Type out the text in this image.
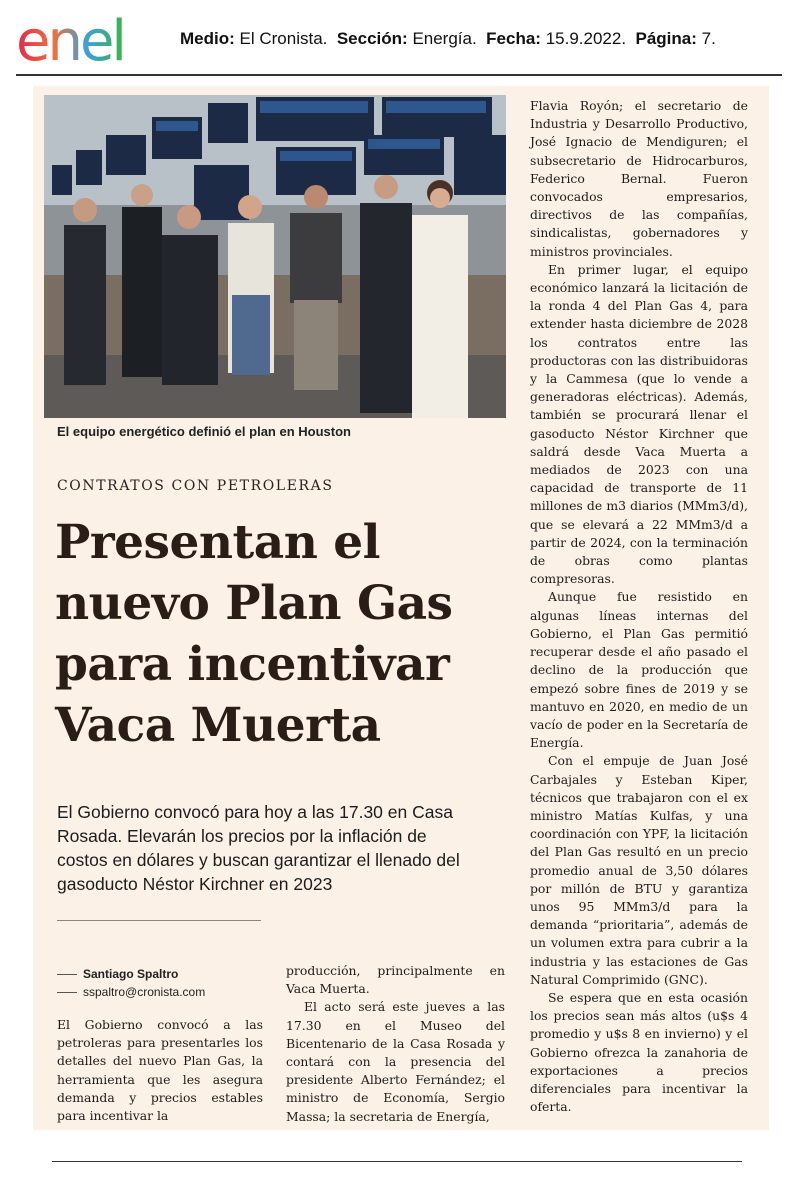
enel	Medio: El Cronista. Sección: Energía. Fecha: 15.9.2022. Página: 7.
El equipo energético definió el plan en Houston
CONTRATOS CON PETROLERAS
Presentan el
nuevo Plan Gas
para incentivar
Vaca Muerta
El Gobierno convocó para hoy a las 17.30 en Casa Rosada. Elevarán los precios por la inflación de costos en dólares y buscan garantizar el llenado del gasoducto Néstor Kirchner en 2023
Santiago Spaltro
sspaltro@cronista.com

El Gobierno convocó a las petroleras para presentarles los detalles del nuevo Plan Gas, la herramienta que les asegura demanda y precios estables para incentivar la

producción, principalmente en Vaca Muerta.

El acto será este jueves a las 17.30 en el Museo del Bicentenario de la Casa Rosada y contará con la presencia del presidente Alberto Fernández; el ministro de Economía, Sergio Massa; la secretaria de Energía,

Flavia Royón; el secretario de Industria y Desarrollo Productivo, José Ignacio de Mendiguren; el subsecretario de Hidrocarburos, Federico Bernal. Fueron convocados empresarios, directivos de las compañías, sindicalistas, gobernadores y ministros provinciales.

En primer lugar, el equipo económico lanzará la licitación de la ronda 4 del Plan Gas 4, para extender hasta diciembre de 2028 los contratos entre las productoras con las distribuidoras y la Cammesa (que lo vende a generadoras eléctricas). Además, también se procurará llenar el gasoducto Néstor Kirchner que saldrá desde Vaca Muerta a mediados de 2023 con una capacidad de transporte de 11 millones de m3 diarios (MMm3/d), que se elevará a 22 MMm3/d a partir de 2024, con la terminación de obras como plantas compresoras.

Aunque fue resistido en algunas líneas internas del Gobierno, el Plan Gas permitió recuperar desde el año pasado el declino de la producción que empezó sobre fines de 2019 y se mantuvo en 2020, en medio de un vacío de poder en la Secretaría de Energía.

Con el empuje de Juan José Carbajales y Esteban Kiper, técnicos que trabajaron con el ex ministro Matías Kulfas, y una coordinación con YPF, la licitación del Plan Gas resultó en un precio promedio anual de 3,50 dólares por millón de BTU y garantiza unos 95 MMm3/d para la demanda “prioritaria”, además de un volumen extra para cubrir a la industria y las estaciones de Gas Natural Comprimido (GNC).

Se espera que en esta ocasión los precios sean más altos (u$s 4 promedio y u$s 8 en invierno) y el Gobierno ofrezca la zanahoria de exportaciones a precios diferenciales para incentivar la oferta.
